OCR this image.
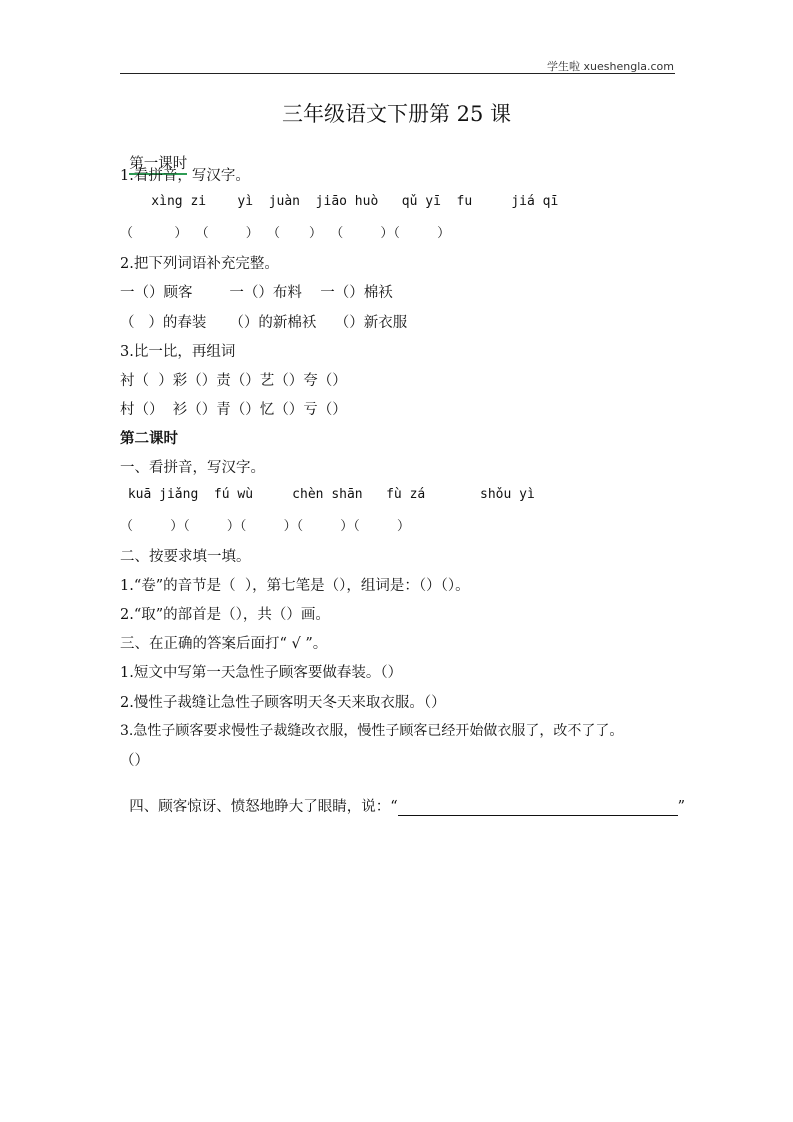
学生啦 xueshengla.com
三年级语文下册第 25 课

第一课时

1.看拼音，写汉字。
xìng zi    yì  juàn  jiāo huò   qǔ yī  fu     jiá qī
（          ）  （         ）  （       ）  （         ）（         ）
2.把下列词语补充完整。
一（）顾客        一（）布料    一（）棉袄
（   ）的春装     （）的新棉袄    （）新衣服
3.比一比，再组词
衬（  ）彩（）责（）艺（）夸（）
村（）  衫（）青（）忆（）亏（）
第二课时
一、看拼音，写汉字。
kuā jiǎng  fú wù     chèn shān   fù zá       shǒu yì
（         ）（         ）（         ）（         ）（         ）
二、按要求填一填。
1.“卷”的音节是（  ），第七笔是（），组词是：（）（）。
2.“取”的部首是（），共（）画。
三、在正确的答案后面打“ √ ”。
1.短文中写第一天急性子顾客要做春装。（）
2.慢性子裁缝让急性子顾客明天冬天来取衣服。（）
3.急性子顾客要求慢性子裁缝改衣服，慢性子顾客已经开始做衣服了，改不了了。
（）

四、顾客惊讶、愤怒地睁大了眼睛，说：“	”
